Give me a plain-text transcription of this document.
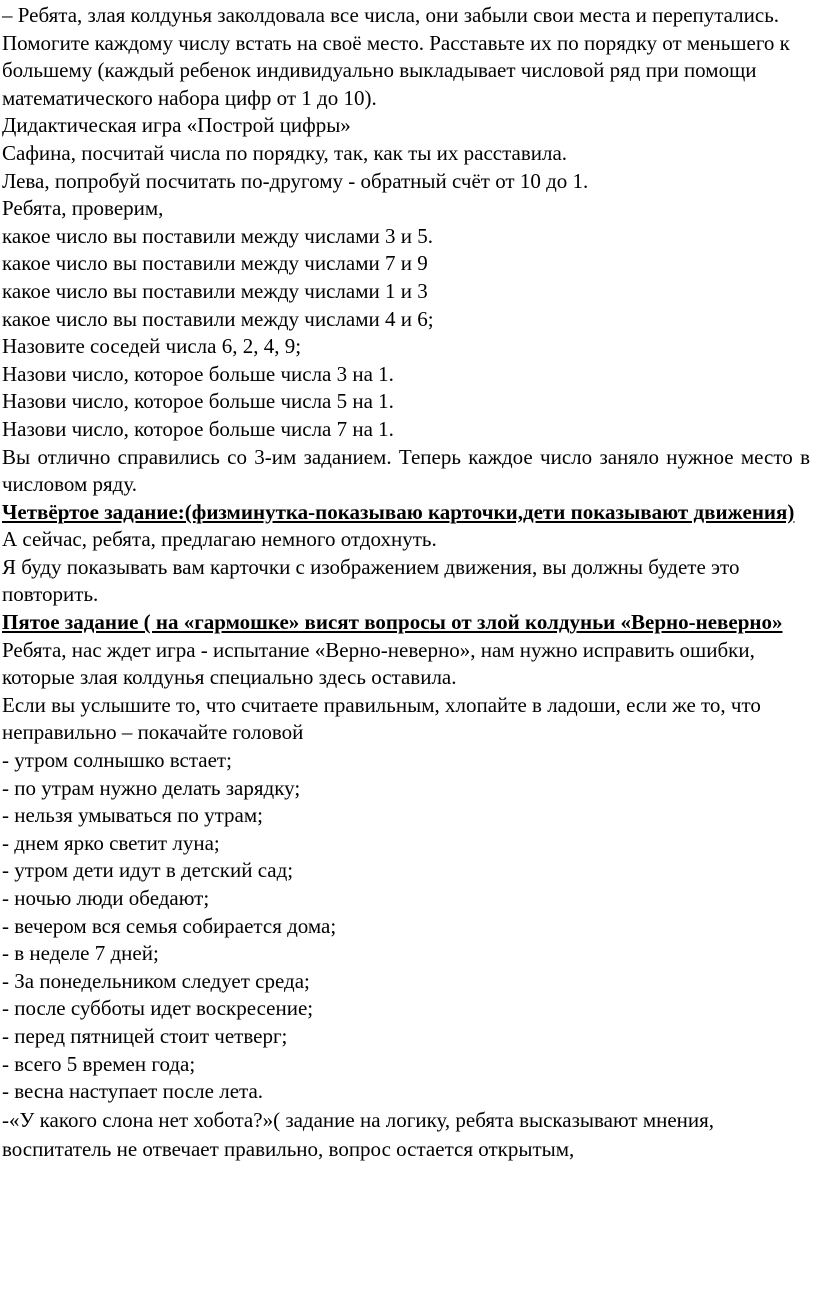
– Ребята, злая колдунья заколдовала все числа, они забыли свои места и перепутались. Помогите каждому числу встать на своё место. Расставьте их по порядку от меньшего к большему (каждый ребенок индивидуально выкладывает числовой ряд при помощи математического набора цифр от 1 до 10).

Дидактическая игра «Построй цифры»

Сафина, посчитай числа по порядку, так, как ты их расставила.

Лева, попробуй посчитать по-другому - обратный счёт от 10 до 1.

Ребята, проверим,

какое число вы поставили между числами 3 и 5.

какое число вы поставили между числами 7 и 9

какое число вы поставили между числами 1 и 3

какое число вы поставили между числами 4 и 6;

Назовите соседей числа 6, 2, 4, 9;

Назови число, которое больше числа 3 на 1.

Назови число, которое больше числа 5 на 1.

Назови число, которое больше числа 7 на 1.

Вы отлично справились со 3-им заданием. Теперь каждое число заняло нужное место в числовом ряду.

Четвёртое задание:(физминутка-показываю карточки,дети показывают движения)

А сейчас, ребята, предлагаю немного отдохнуть.

Я буду показывать вам карточки с изображением движения, вы должны будете это повторить.

Пятое задание ( на «гармошке» висят вопросы от злой колдуньи «Верно-неверно»

Ребята, нас ждет игра - испытание «Верно-неверно», нам нужно исправить ошибки, которые злая колдунья специально здесь оставила.

Если вы услышите то, что считаете правильным, хлопайте в ладоши, если же то, что неправильно – покачайте головой

- утром солнышко встает;

- по утрам нужно делать зарядку;

- нельзя умываться по утрам;

- днем ярко светит луна;

- утром дети идут в детский сад;

- ночью люди обедают;

- вечером вся семья собирается дома;

- в неделе 7 дней;

- За понедельником следует среда;

- после субботы идет воскресение;

- перед пятницей стоит четверг;

- всего 5 времен года;

- весна наступает после лета.

-«У какого слона нет хобота?»( задание на логику, ребята высказывают мнения, воспитатель не отвечает правильно, вопрос остается открытым,
